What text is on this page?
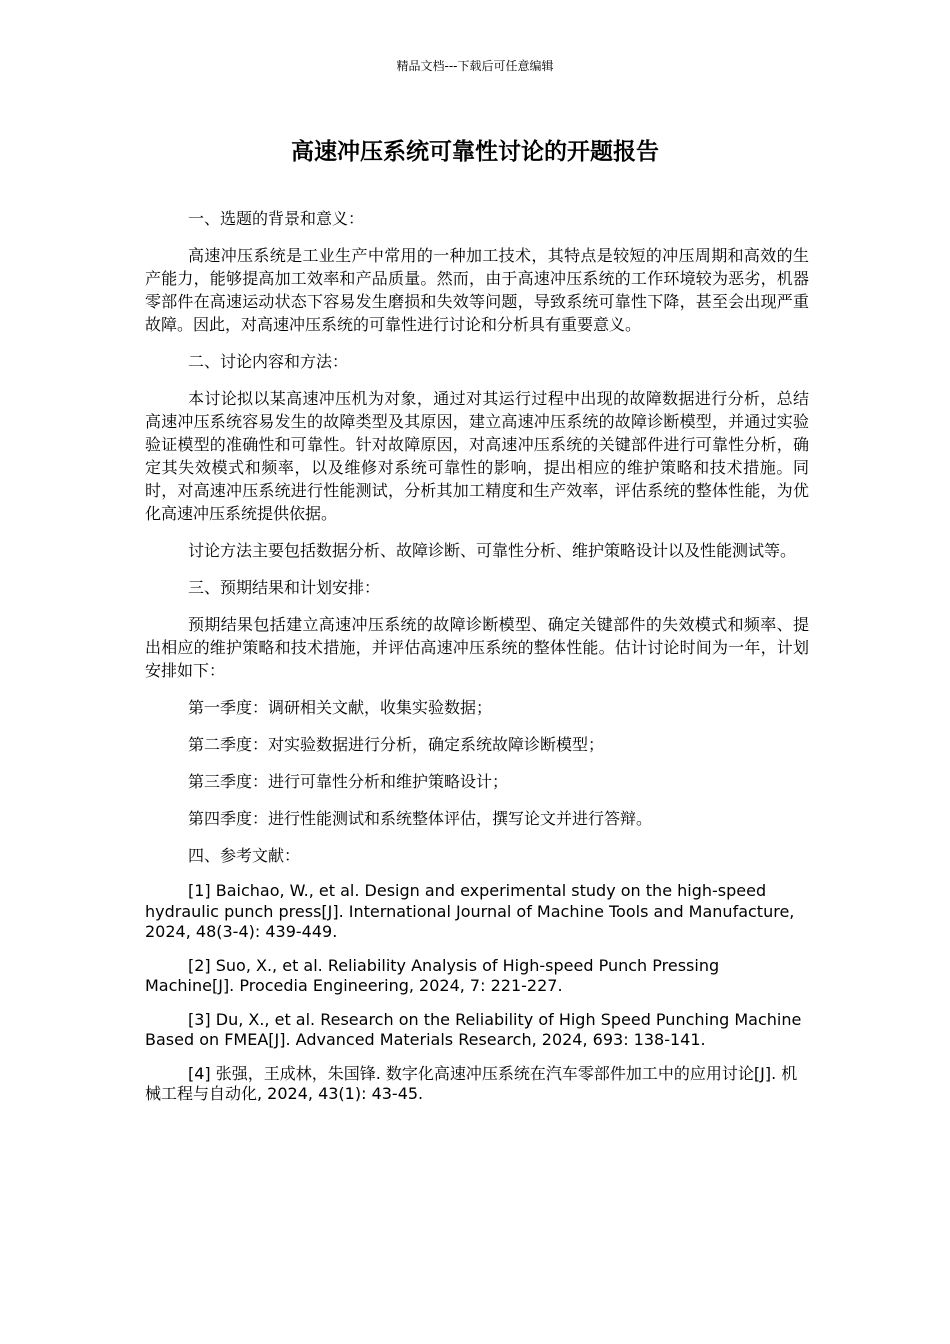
精品文档---下载后可任意编辑
高速冲压系统可靠性讨论的开题报告

一、选题的背景和意义：

高速冲压系统是工业生产中常用的一种加工技术，其特点是较短的冲压周期和高效的生产能力，能够提高加工效率和产品质量。然而，由于高速冲压系统的工作环境较为恶劣，机器零部件在高速运动状态下容易发生磨损和失效等问题，导致系统可靠性下降，甚至会出现严重故障。因此，对高速冲压系统的可靠性进行讨论和分析具有重要意义。

二、讨论内容和方法：

本讨论拟以某高速冲压机为对象，通过对其运行过程中出现的故障数据进行分析，总结高速冲压系统容易发生的故障类型及其原因，建立高速冲压系统的故障诊断模型，并通过实验验证模型的准确性和可靠性。针对故障原因，对高速冲压系统的关键部件进行可靠性分析，确定其失效模式和频率，以及维修对系统可靠性的影响，提出相应的维护策略和技术措施。同时，对高速冲压系统进行性能测试，分析其加工精度和生产效率，评估系统的整体性能，为优化高速冲压系统提供依据。

讨论方法主要包括数据分析、故障诊断、可靠性分析、维护策略设计以及性能测试等。

三、预期结果和计划安排：

预期结果包括建立高速冲压系统的故障诊断模型、确定关键部件的失效模式和频率、提出相应的维护策略和技术措施，并评估高速冲压系统的整体性能。估计讨论时间为一年，计划安排如下：

第一季度：调研相关文献，收集实验数据；

第二季度：对实验数据进行分析，确定系统故障诊断模型；

第三季度：进行可靠性分析和维护策略设计；

第四季度：进行性能测试和系统整体评估，撰写论文并进行答辩。

四、参考文献：

[1] Baichao, W., et al. Design and experimental study on the high-speed hydraulic punch press[J]. International Journal of Machine Tools and Manufacture, 2024, 48(3-4): 439-449.

[2] Suo, X., et al. Reliability Analysis of High-speed Punch Pressing Machine[J]. Procedia Engineering, 2024, 7: 221-227.

[3] Du, X., et al. Research on the Reliability of High Speed Punching Machine Based on FMEA[J]. Advanced Materials Research, 2024, 693: 138-141.

[4] 张强，王成林，朱国锋. 数字化高速冲压系统在汽车零部件加工中的应用讨论[J]. 机械工程与自动化, 2024, 43(1): 43-45.
